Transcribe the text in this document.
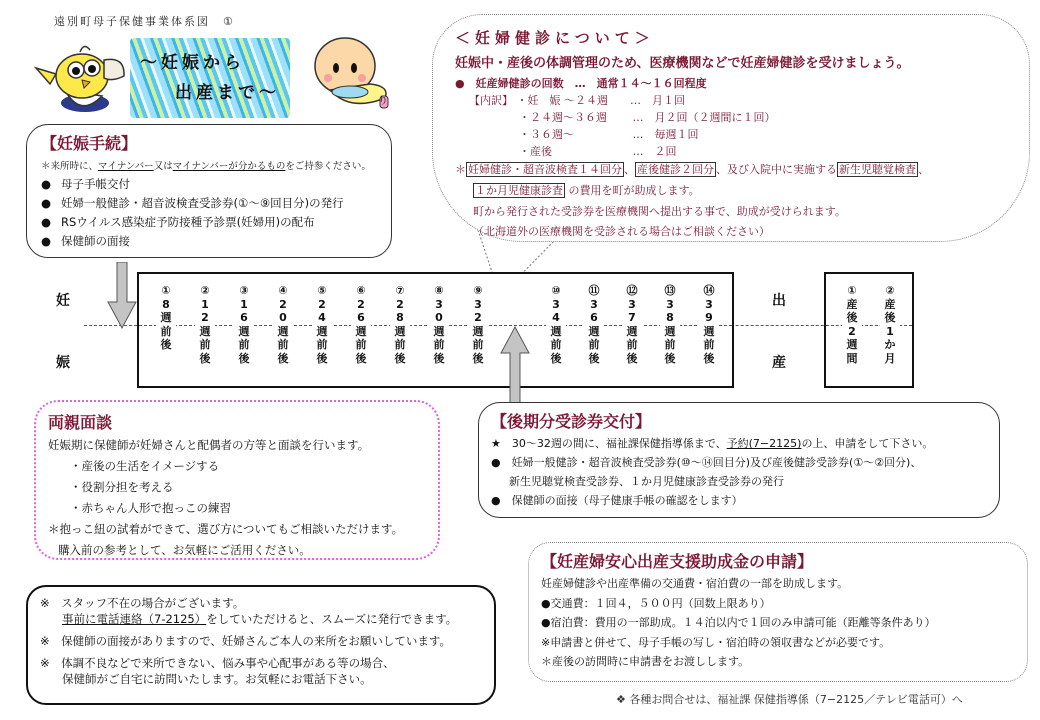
遠別町母子保健事業体系図　①
～妊娠から
出産まで～	り
【妊娠手続】
＊来所時に、マイナンバー又はマイナンバーが分かるものをご持参ください。
● 母子手帳交付
● 妊婦一般健診・超音波検査受診券(①～⑨回目分)の発行
● RSウイルス感染症予防接種予診票(妊婦用)の配布
● 保健師の面接
＜妊婦健診について＞
妊娠中・産後の体調管理のため、医療機関などで妊産婦健診を受けましょう。
●　妊産婦健診の回数　…　通常１４～１６回程度
【内訳】 ・妊　娠 ～２４週 …　月１回
・２４週～３６週 …　月２回（２週間に１回）
・３６週～	…　毎週１回
・産後	…　２回
＊ 妊婦健診・超音波検査１４回分 、 産後健診２回分 、及び入院中に実施する 新生児聴覚検査 、
１か月児健康診査 の費用を町が助成します。
町から発行された受診券を医療機関へ提出する事で、助成が受けられます。
（北海道外の医療機関を受診される場合はご相談ください）
妊
娠
出
産
①
8
週
前
後
②
1
2
週
前
後
③
1
6
週
前
後
④
2
0
週
前
後
⑤
2
4
週
前
後
⑥
2
6
週
前
後
⑦
2
8
週
前
後
⑧
3
0
週
前
後
⑨
3
2
週
前
後
⑩
3
4
週
前
後
⑪
3
6
週
前
後
⑫
3
7
週
前
後
⑬
3
8
週
前
後
⑭
3
9
週
前
後
①
産
後
2
週
間
②
産
後
1
か
月
両親面談

妊娠期に保健師が妊婦さんと配偶者の方等と面談を行います。

・産後の生活をイメージする

・役割分担を考える

・赤ちゃん人形で抱っこの練習

＊抱っこ紐の試着ができて、選び方についてもご相談いただけます。

購入前の参考として、お気軽にご活用ください。

【後期分受診券交付】

★　30～32週の間に、福祉課保健指導係まで、予約(7−2125)の上、申請をして下さい。

●　妊婦一般健診・超音波検査受診券(⑩～⑭回目分)及び産後健診受診券(①～②回分)、

新生児聴覚検査受診券、１か月児健康診査受診券の発行

●　保健師の面接（母子健康手帳の確認をします）

【妊産婦安心出産支援助成金の申請】

妊産婦健診や出産準備の交通費・宿泊費の一部を助成します。

●交通費：１回４，５００円（回数上限あり）

●宿泊費：費用の一部助成。１４泊以内で１回のみ申請可能（距離等条件あり）

※申請書と併せて、母子手帳の写し・宿泊時の領収書などが必要です。

＊産後の訪問時に申請書をお渡しします。

※　スタッフ不在の場合がございます。

事前に電話連絡（7-2125）をしていただけると、スムーズに発行できます。

※　保健師の面接がありますので、妊婦さんご本人の来所をお願いしています。

※　体調不良などで来所できない、悩み事や心配事がある等の場合、

保健師がご自宅に訪問いたします。お気軽にお電話下さい。

❖ 各種お問合せは、福祉課 保健指導係（7−2125／テレビ電話可）へ
